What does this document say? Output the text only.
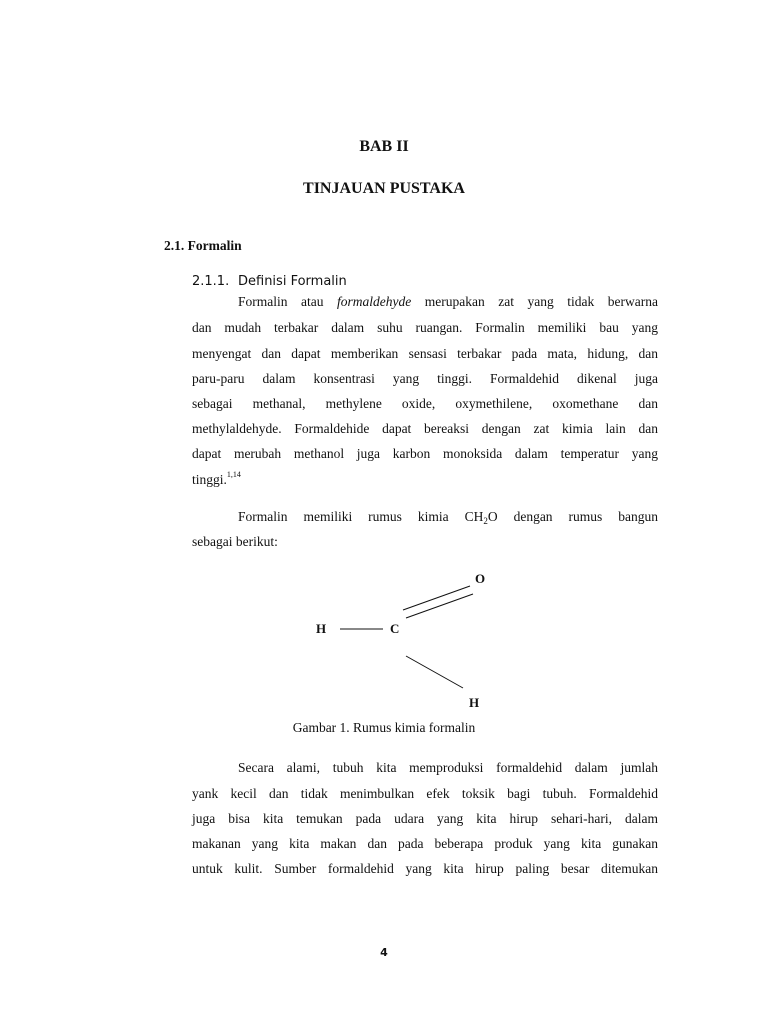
BAB II
TINJAUAN PUSTAKA
2.1. Formalin
2.1.1. Definisi Formalin
Formalin atau formaldehyde merupakan zat yang tidak berwarna
dan mudah terbakar dalam suhu ruangan. Formalin memiliki bau yang
menyengat dan dapat memberikan sensasi terbakar pada mata, hidung, dan
paru-paru dalam konsentrasi yang tinggi. Formaldehid dikenal juga
sebagai methanal, methylene oxide, oxymethilene, oxomethane dan
methylaldehyde. Formaldehide dapat bereaksi dengan zat kimia lain dan
dapat merubah methanol juga karbon monoksida dalam temperatur yang
tinggi.$^{1,14}$
Formalin memiliki rumus kimia $CH_2O$ dengan rumus bangun
sebagai berikut:
O
H	C
H
Gambar 1. Rumus kimia formalin
Secara alami, tubuh kita memproduksi formaldehid dalam jumlah
yank kecil dan tidak menimbulkan efek toksik bagi tubuh. Formaldehid
juga bisa kita temukan pada udara yang kita hirup sehari-hari, dalam
makanan yang kita makan dan pada beberapa produk yang kita gunakan
untuk kulit. Sumber formaldehid yang kita hirup paling besar ditemukan
4
